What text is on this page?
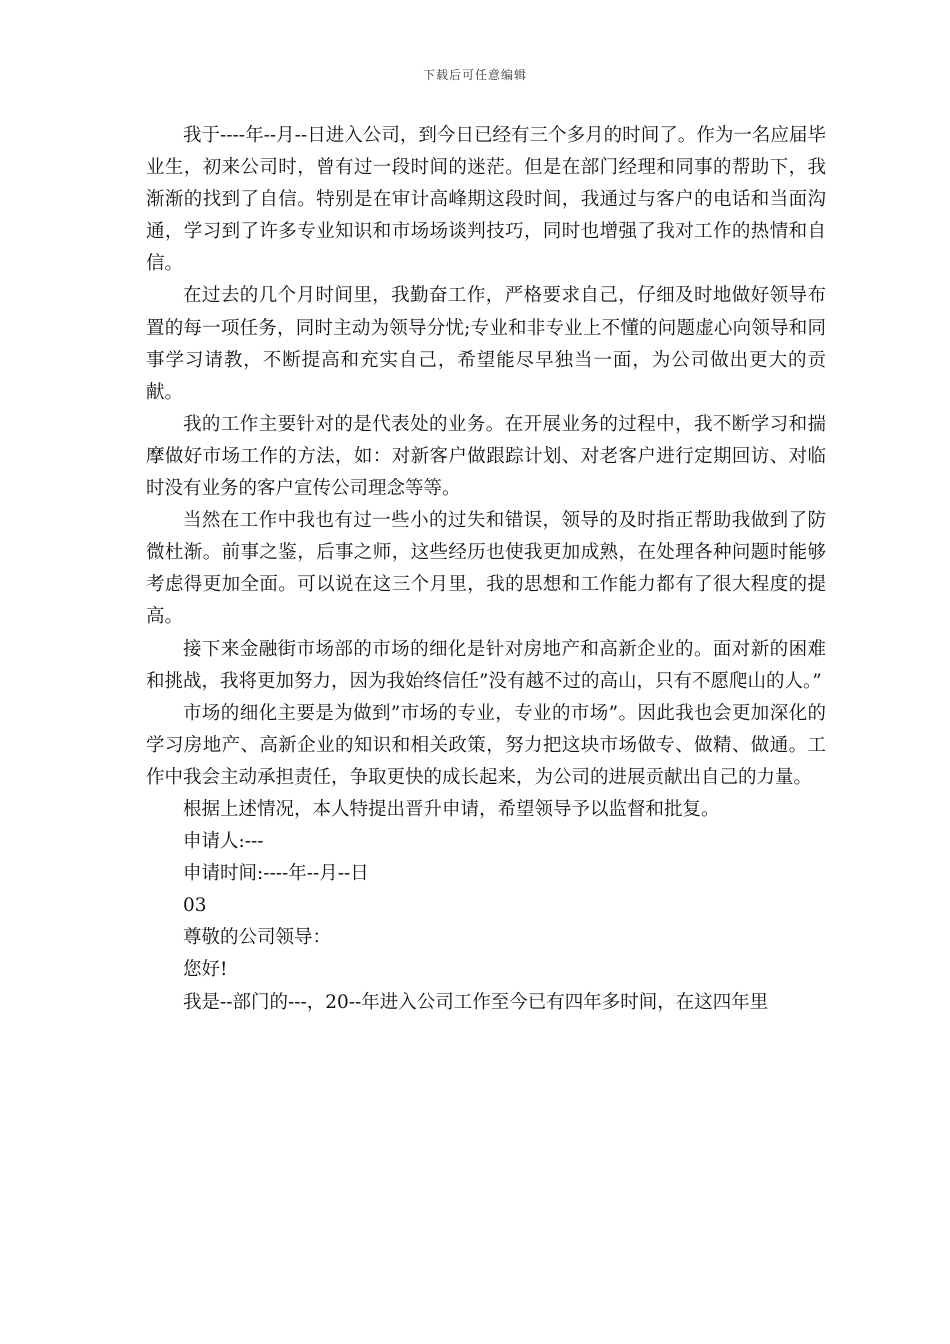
下载后可任意编辑

我于----年--月--日进入公司，到今日已经有三个多月的时间了。作为一名应届毕业生，初来公司时，曾有过一段时间的迷茫。但是在部门经理和同事的帮助下，我渐渐的找到了自信。特别是在审计高峰期这段时间，我通过与客户的电话和当面沟通，学习到了许多专业知识和市场场谈判技巧，同时也增强了我对工作的热情和自信。

在过去的几个月时间里，我勤奋工作，严格要求自己，仔细及时地做好领导布置的每一项任务，同时主动为领导分忧;专业和非专业上不懂的问题虚心向领导和同事学习请教，不断提高和充实自己，希望能尽早独当一面，为公司做出更大的贡献。

我的工作主要针对的是代表处的业务。在开展业务的过程中，我不断学习和揣摩做好市场工作的方法，如：对新客户做跟踪计划、对老客户进行定期回访、对临时没有业务的客户宣传公司理念等等。

当然在工作中我也有过一些小的过失和错误，领导的及时指正帮助我做到了防微杜渐。前事之鉴，后事之师，这些经历也使我更加成熟，在处理各种问题时能够考虑得更加全面。可以说在这三个月里，我的思想和工作能力都有了很大程度的提高。

接下来金融街市场部的市场的细化是针对房地产和高新企业的。面对新的困难和挑战，我将更加努力，因为我始终信任”没有越不过的高山，只有不愿爬山的人。”

市场的细化主要是为做到”市场的专业，专业的市场”。因此我也会更加深化的学习房地产、高新企业的知识和相关政策，努力把这块市场做专、做精、做通。工作中我会主动承担责任，争取更快的成长起来，为公司的进展贡献出自己的力量。

根据上述情况，本人特提出晋升申请，希望领导予以监督和批复。

申请人:---

申请时间:----年--月--日

03

尊敬的公司领导：

您好!

我是--部门的---，20--年进入公司工作至今已有四年多时间，在这四年里
